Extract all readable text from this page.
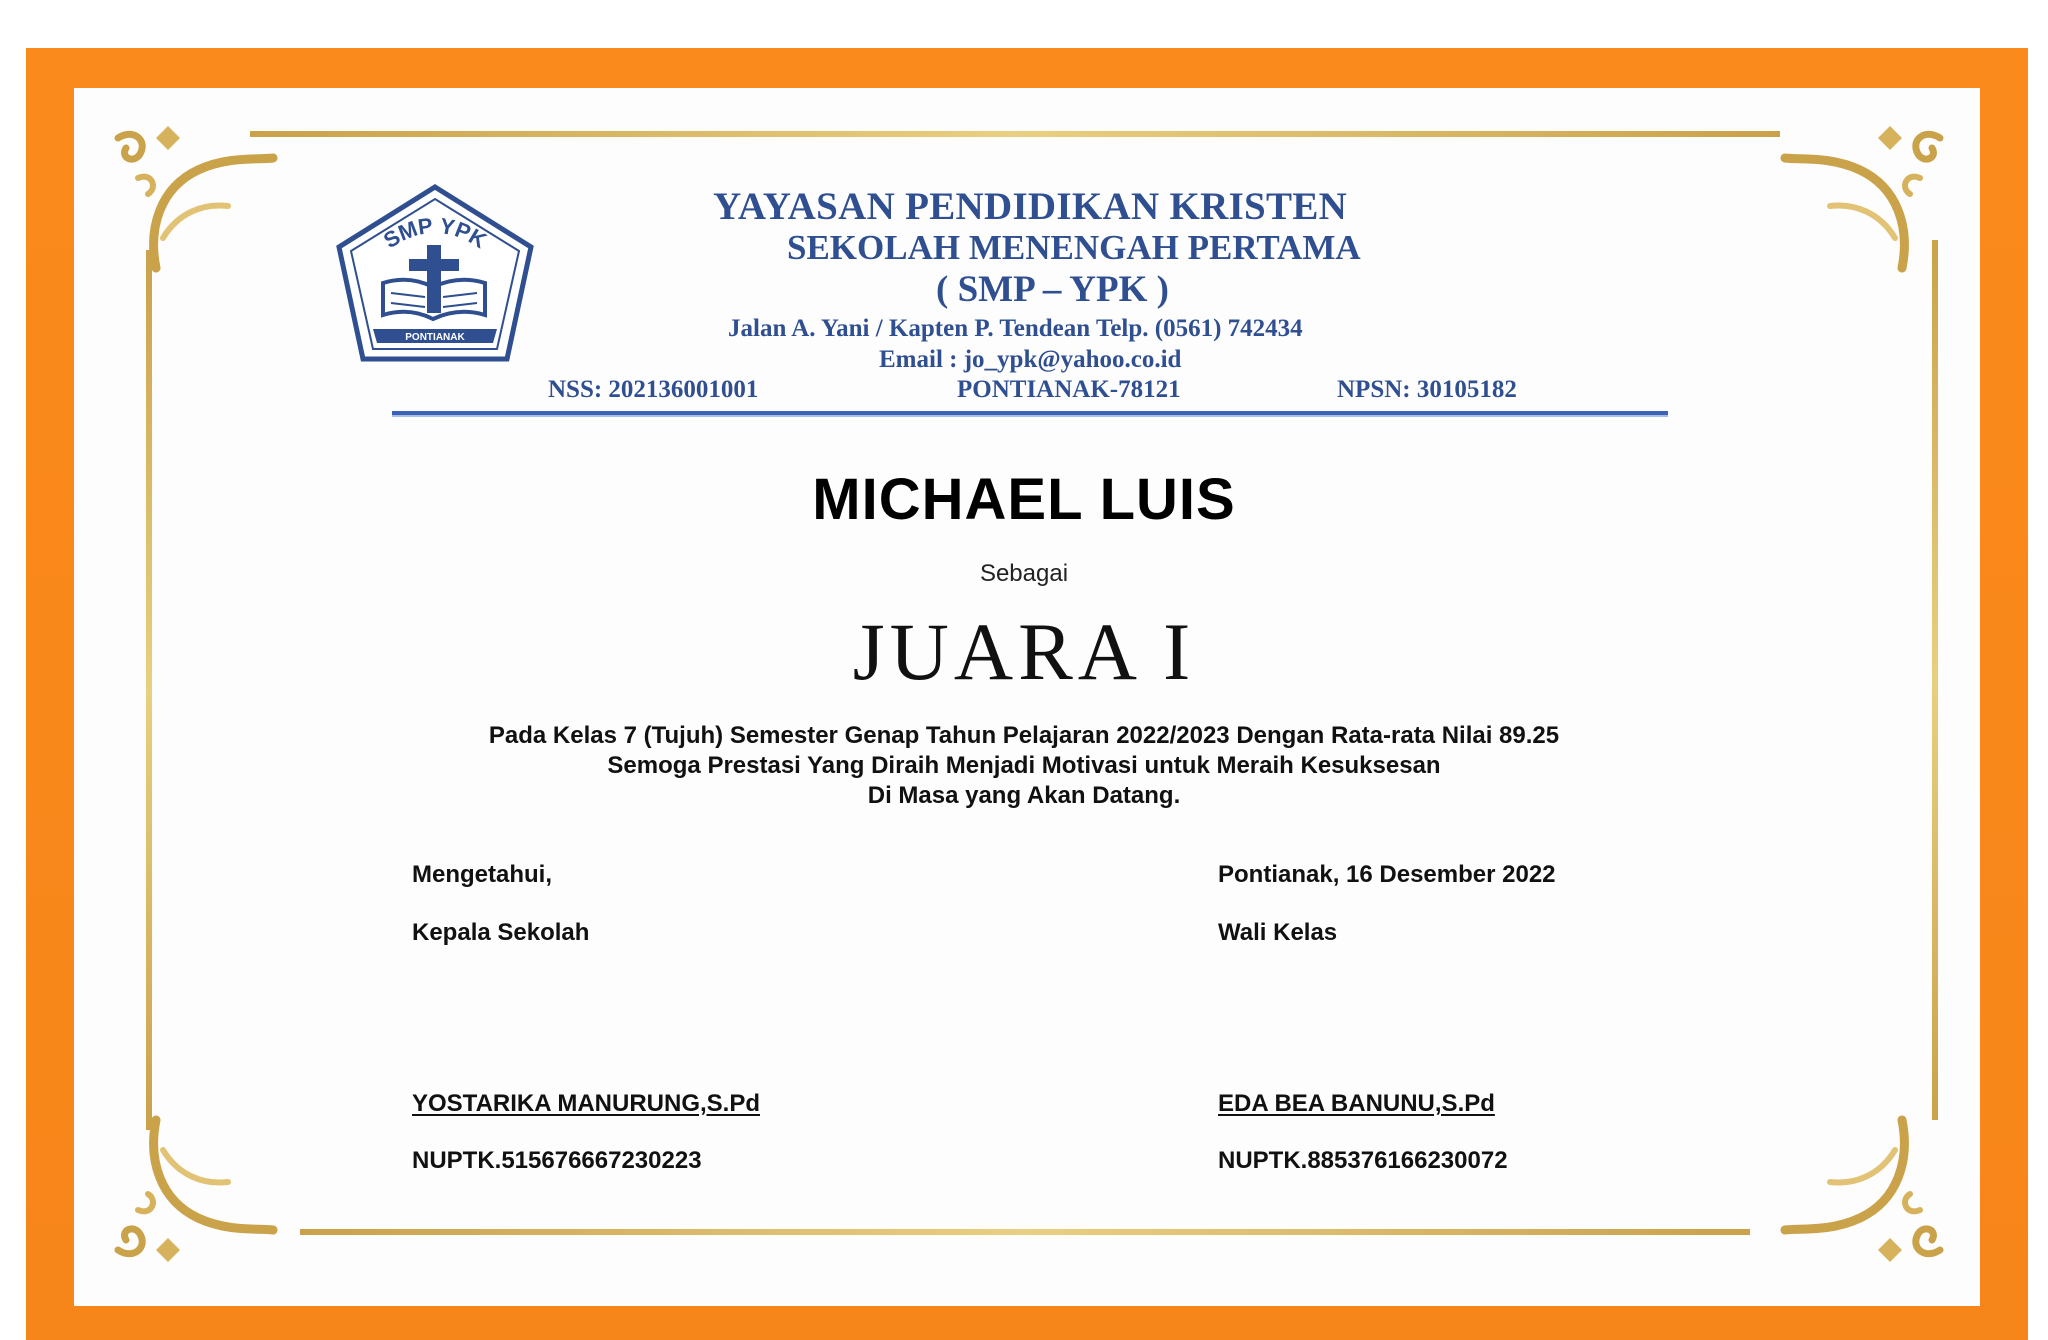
SMP YPK
PONTIANAK
YAYASAN PENDIDIKAN KRISTEN
SEKOLAH MENENGAH PERTAMA
( SMP – YPK )
Jalan A. Yani / Kapten P. Tendean Telp. (0561) 742434
Email : jo_ypk@yahoo.co.id
NSS: 202136001001	PONTIANAK-78121	NPSN: 30105182
MICHAEL LUIS
Sebagai
JUARA I
Pada Kelas 7 (Tujuh) Semester Genap Tahun Pelajaran 2022/2023 Dengan Rata-rata Nilai 89.25
Semoga Prestasi Yang Diraih Menjadi Motivasi untuk Meraih Kesuksesan
Di Masa yang Akan Datang.
Mengetahui,
Kepala Sekolah
YOSTARIKA MANURUNG,S.Pd
NUPTK.515676667230223
Pontianak, 16 Desember 2022
Wali Kelas
EDA BEA BANUNU,S.Pd
NUPTK.885376166230072
